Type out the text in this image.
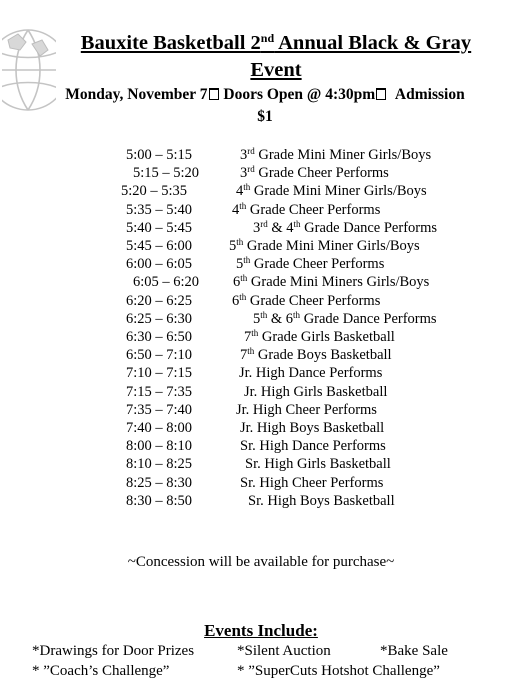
Bauxite Basketball 2nd Annual Black & Gray
Event
Monday, November 7 Doors Open @ 4:30pm Admission
$1
5:00 – 5:15	3rd Grade Mini Miner Girls/Boys
5:15 – 5:20	3rd Grade Cheer Performs
5:20 – 5:35	4th Grade Mini Miner Girls/Boys
5:35 – 5:40	4th Grade Cheer Performs
5:40 – 5:45	3rd & 4th Grade Dance Performs
5:45 – 6:00	5th Grade Mini Miner Girls/Boys
6:00 – 6:05	5th Grade Cheer Performs
6:05 – 6:20 6th Grade Mini Miners Girls/Boys
6:20 – 6:25	6th Grade Cheer Performs
6:25 – 6:30	5th & 6th Grade Dance Performs
6:30 – 6:50	7th Grade Girls Basketball
6:50 – 7:10	7th Grade Boys Basketball
7:10 – 7:15	Jr. High Dance Performs
7:15 – 7:35	Jr. High Girls Basketball
7:35 – 7:40	Jr. High Cheer Performs
7:40 – 8:00	Jr. High Boys Basketball
8:00 – 8:10	Sr. High Dance Performs
8:10 – 8:25	Sr. High Girls Basketball
8:25 – 8:30	Sr. High Cheer Performs
8:30 – 8:50	Sr. High Boys Basketball
~Concession will be available for purchase~
Events Include:
*Drawings for Door Prizes	*Silent Auction	*Bake Sale
* ”Coach’s Challenge”	* ”SuperCuts Hotshot Challenge”
